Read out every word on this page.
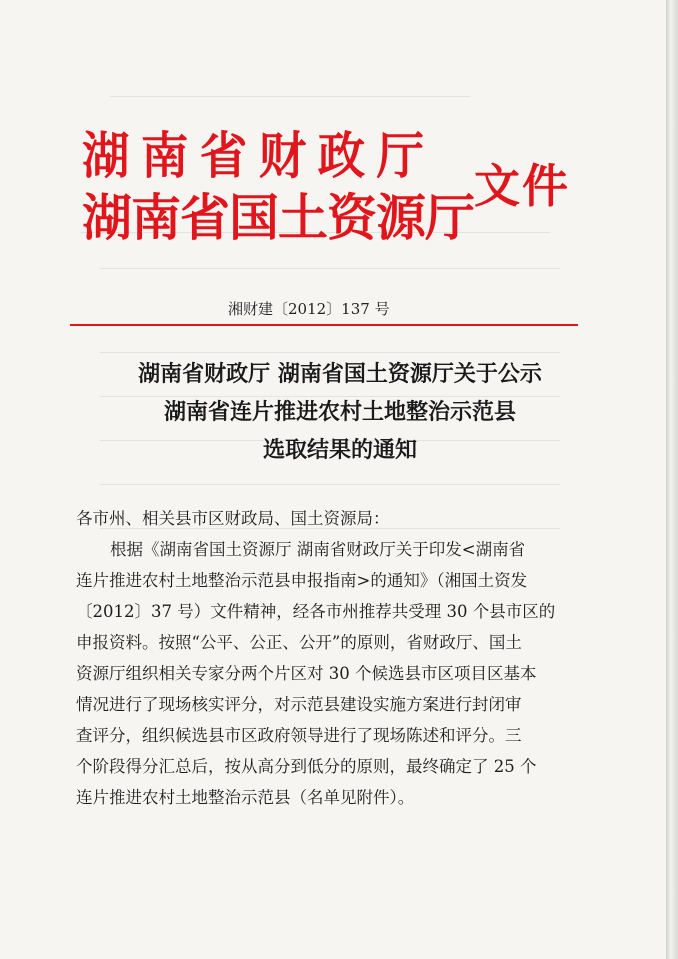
湖南省财政厅
湖南省国土资源厅
文件
湘财建〔2012〕137 号
湖南省财政厅 湖南省国土资源厅关于公示
湖南省连片推进农村土地整治示范县
选取结果的通知
各市州、相关县市区财政局、国土资源局：
根据《湖南省国土资源厅 湖南省财政厅关于印发<湖南省
连片推进农村土地整治示范县申报指南>的通知》（湘国土资发
〔2012〕37 号）文件精神，经各市州推荐共受理 30 个县市区的
申报资料。按照“公平、公正、公开”的原则，省财政厅、国土
资源厅组织相关专家分两个片区对 30 个候选县市区项目区基本
情况进行了现场核实评分，对示范县建设实施方案进行封闭审
查评分，组织候选县市区政府领导进行了现场陈述和评分。三
个阶段得分汇总后，按从高分到低分的原则，最终确定了 25 个
连片推进农村土地整治示范县（名单见附件）。
